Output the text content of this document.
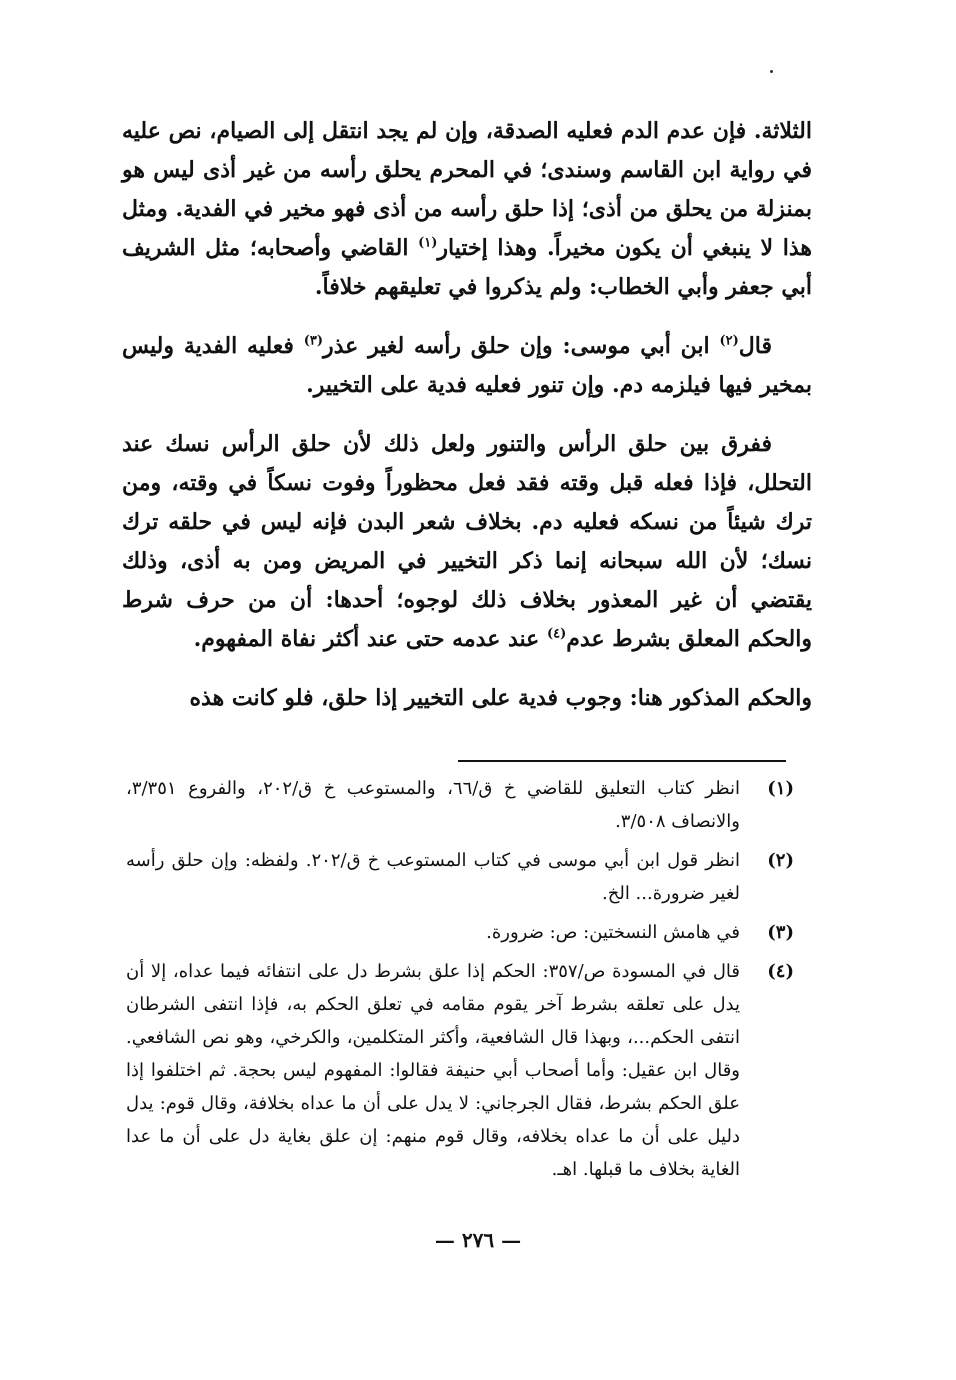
الثلاثة. فإن عدم الدم فعليه الصدقة، وإن لم يجد انتقل إلى الصيام، نص عليه في رواية ابن القاسم وسندى؛ في المحرم يحلق رأسه من غير أذى ليس هو بمنزلة من يحلق من أذى؛ إذا حلق رأسه من أذى فهو مخير في الفدية. ومثل هذا لا ينبغي أن يكون مخيراً. وهذا إختيار$^{(١)}$ القاضي وأصحابه؛ مثل الشريف أبي جعفر وأبي الخطاب: ولم يذكروا في تعليقهم خلافاً.

قال$^{(٢)}$ ابن أبي موسى: وإن حلق رأسه لغير عذر$^{(٣)}$ فعليه الفدية وليس بمخير فيها فيلزمه دم. وإن تنور فعليه فدية على التخيير.

ففرق بين حلق الرأس والتنور ولعل ذلك لأن حلق الرأس نسك عند التحلل، فإذا فعله قبل وقته فقد فعل محظوراً وفوت نسكاً في وقته، ومن ترك شيئاً من نسكه فعليه دم. بخلاف شعر البدن فإنه ليس في حلقه ترك نسك؛ لأن الله سبحانه إنما ذكر التخيير في المريض ومن به أذى، وذلك يقتضي أن غير المعذور بخلاف ذلك لوجوه؛ أحدها: أن من حرف شرط والحكم المعلق بشرط عدم$^{(٤)}$ عند عدمه حتى عند أكثر نفاة المفهوم.

والحكم المذكور هنا: وجوب فدية على التخيير إذا حلق، فلو كانت هذه

(١)
انظر كتاب التعليق للقاضي خ ق/٦٦، والمستوعب خ ق/٢٠٢، والفروع ٣/٣٥١، والانصاف ٣/٥٠٨.
(٢)
انظر قول ابن أبي موسى في كتاب المستوعب خ ق/٢٠٢. ولفظه: وإن حلق رأسه لغير ضرورة... الخ.
(٣)
في هامش النسختين: ص: ضرورة.
(٤)
قال في المسودة ص/٣٥٧: الحكم إذا علق بشرط دل على انتفائه فيما عداه، إلا أن يدل على تعلقه بشرط آخر يقوم مقامه في تعلق الحكم به، فإذا انتفى الشرطان انتفى الحكم...، وبهذا قال الشافعية، وأكثر المتكلمين، والكرخي، وهو نص الشافعي. وقال ابن عقيل: وأما أصحاب أبي حنيفة فقالوا: المفهوم ليس بحجة. ثم اختلفوا إذا علق الحكم بشرط، فقال الجرجاني: لا يدل على أن ما عداه بخلافة، وقال قوم: يدل دليل على أن ما عداه بخلافه، وقال قوم منهم: إن علق بغاية دل على أن ما عدا الغاية بخلاف ما قبلها. اهـ.
— ٢٧٦ —
